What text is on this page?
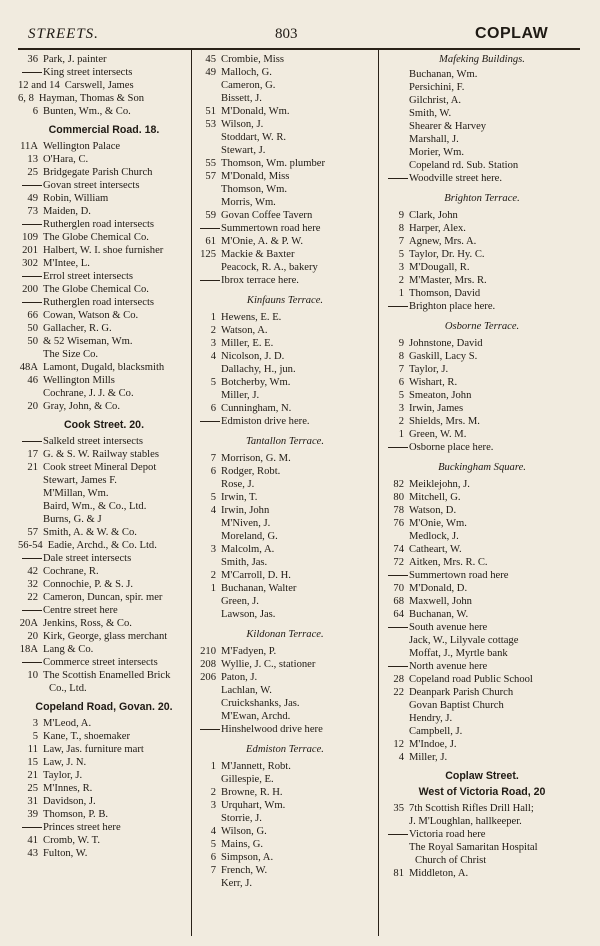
STREETS.	803	COPLAW
36 Park, J. painter
King street intersects
12 and 14 Carswell, James
6, 8 Hayman, Thomas & Son
6 Bunten, Wm., & Co.
Commercial Road. 18.
11A Wellington Palace
13 O'Hara, C.
25 Bridgegate Parish Church
Govan street intersects
49 Robin, William
73 Maiden, D.
Rutherglen road intersects
109 The Globe Chemical Co.
201 Halbert, W. I. shoe furnisher
302 M'Intee, L.
Errol street intersects
200 The Globe Chemical Co.
Rutherglen road intersects
66 Cowan, Watson & Co.
50 Gallacher, R. G.
50 & 52 Wiseman, Wm.
The Size Co.
48A Lamont, Dugald, blacksmith
46 Wellington Mills
Cochrane, J. J. & Co.
20 Gray, John, & Co.
Cook Street. 20.
Salkeld street intersects
17 G. & S. W. Railway stables
21 Cook street Mineral Depot
Stewart, James F.
M'Millan, Wm.
Baird, Wm., & Co., Ltd.
Burns, G. & J
57 Smith, A. & W. & Co.
56-54 Eadie, Archd., & Co. Ltd.
Dale street intersects
42 Cochrane, R.
32 Connochie, P. & S. J.
22 Cameron, Duncan, spir. mer
Centre street here
20A Jenkins, Ross, & Co.
20 Kirk, George, glass merchant
18A Lang & Co.
Commerce street intersects
10 The Scottish Enamelled Brick
Co., Ltd.
Copeland Road, Govan. 20.
3 M'Leod, A.
5 Kane, T., shoemaker
11 Law, Jas. furniture mart
15 Law, J. N.
21 Taylor, J.
25 M'Innes, R.
31 Davidson, J.
39 Thomson, P. B.
Princes street here
41 Cromb, W. T.
43 Fulton, W.
45 Crombie, Miss
49 Malloch, G.
Cameron, G.
Bissett, J.
51 M'Donald, Wm.
53 Wilson, J.
Stoddart, W. R.
Stewart, J.
55 Thomson, Wm. plumber
57 M'Donald, Miss
Thomson, Wm.
Morris, Wm.
59 Govan Coffee Tavern
Summertown road here
61 M'Onie, A. & P. W.
125 Mackie & Baxter
Peacock, R. A., bakery
Ibrox terrace here.
Kinfauns Terrace.
1 Hewens, E. E.
2 Watson, A.
3 Miller, E. E.
4 Nicolson, J. D.
Dallachy, H., jun.
5 Botcherby, Wm.
Miller, J.
6 Cunningham, N.
Edmiston drive here.
Tantallon Terrace.
7 Morrison, G. M.
6 Rodger, Robt.
Rose, J.
5 Irwin, T.
4 Irwin, John
M'Niven, J.
Moreland, G.
3 Malcolm, A.
Smith, Jas.
2 M'Carroll, D. H.
1 Buchanan, Walter
Green, J.
Lawson, Jas.
Kildonan Terrace.
210 M'Fadyen, P.
208 Wyllie, J. C., stationer
206 Paton, J.
Lachlan, W.
Cruickshanks, Jas.
M'Ewan, Archd.
Hinshelwood drive here
Edmiston Terrace.
1 M'Jannett, Robt.
Gillespie, E.
2 Browne, R. H.
3 Urquhart, Wm.
Storrie, J.
4 Wilson, G.
5 Mains, G.
6 Simpson, A.
7 French, W.
Kerr, J.
Mafeking Buildings.
Buchanan, Wm.
Persichini, F.
Gilchrist, A.
Smith, W.
Shearer & Harvey
Marshall, J.
Morier, Wm.
Copeland rd. Sub. Station
Woodville street here.
Brighton Terrace.
9 Clark, John
8 Harper, Alex.
7 Agnew, Mrs. A.
5 Taylor, Dr. Hy. C.
3 M'Dougall, R.
2 M'Master, Mrs. R.
1 Thomson, David
Brighton place here.
Osborne Terrace.
9 Johnstone, David
8 Gaskill, Lacy S.
7 Taylor, J.
6 Wishart, R.
5 Smeaton, John
3 Irwin, James
2 Shields, Mrs. M.
1 Green, W. M.
Osborne place here.
Buckingham Square.
82 Meiklejohn, J.
80 Mitchell, G.
78 Watson, D.
76 M'Onie, Wm.
Medlock, J.
74 Catheart, W.
72 Aitken, Mrs. R. C.
Summertown road here
70 M'Donald, D.
68 Maxwell, John
64 Buchanan, W.
South avenue here
Jack, W., Lilyvale cottage
Moffat, J., Myrtle bank
North avenue here
28 Copeland road Public School
22 Deanpark Parish Church
Govan Baptist Church
Hendry, J.
Campbell, J.
12 M'Indoe, J.
4 Miller, J.
Coplaw Street.
West of Victoria Road, 20
35 7th Scottish Rifles Drill Hall;
J. M'Loughlan, hallkeeper.
Victoria road here
The Royal Samaritan Hospital
Church of Christ
81 Middleton, A.
